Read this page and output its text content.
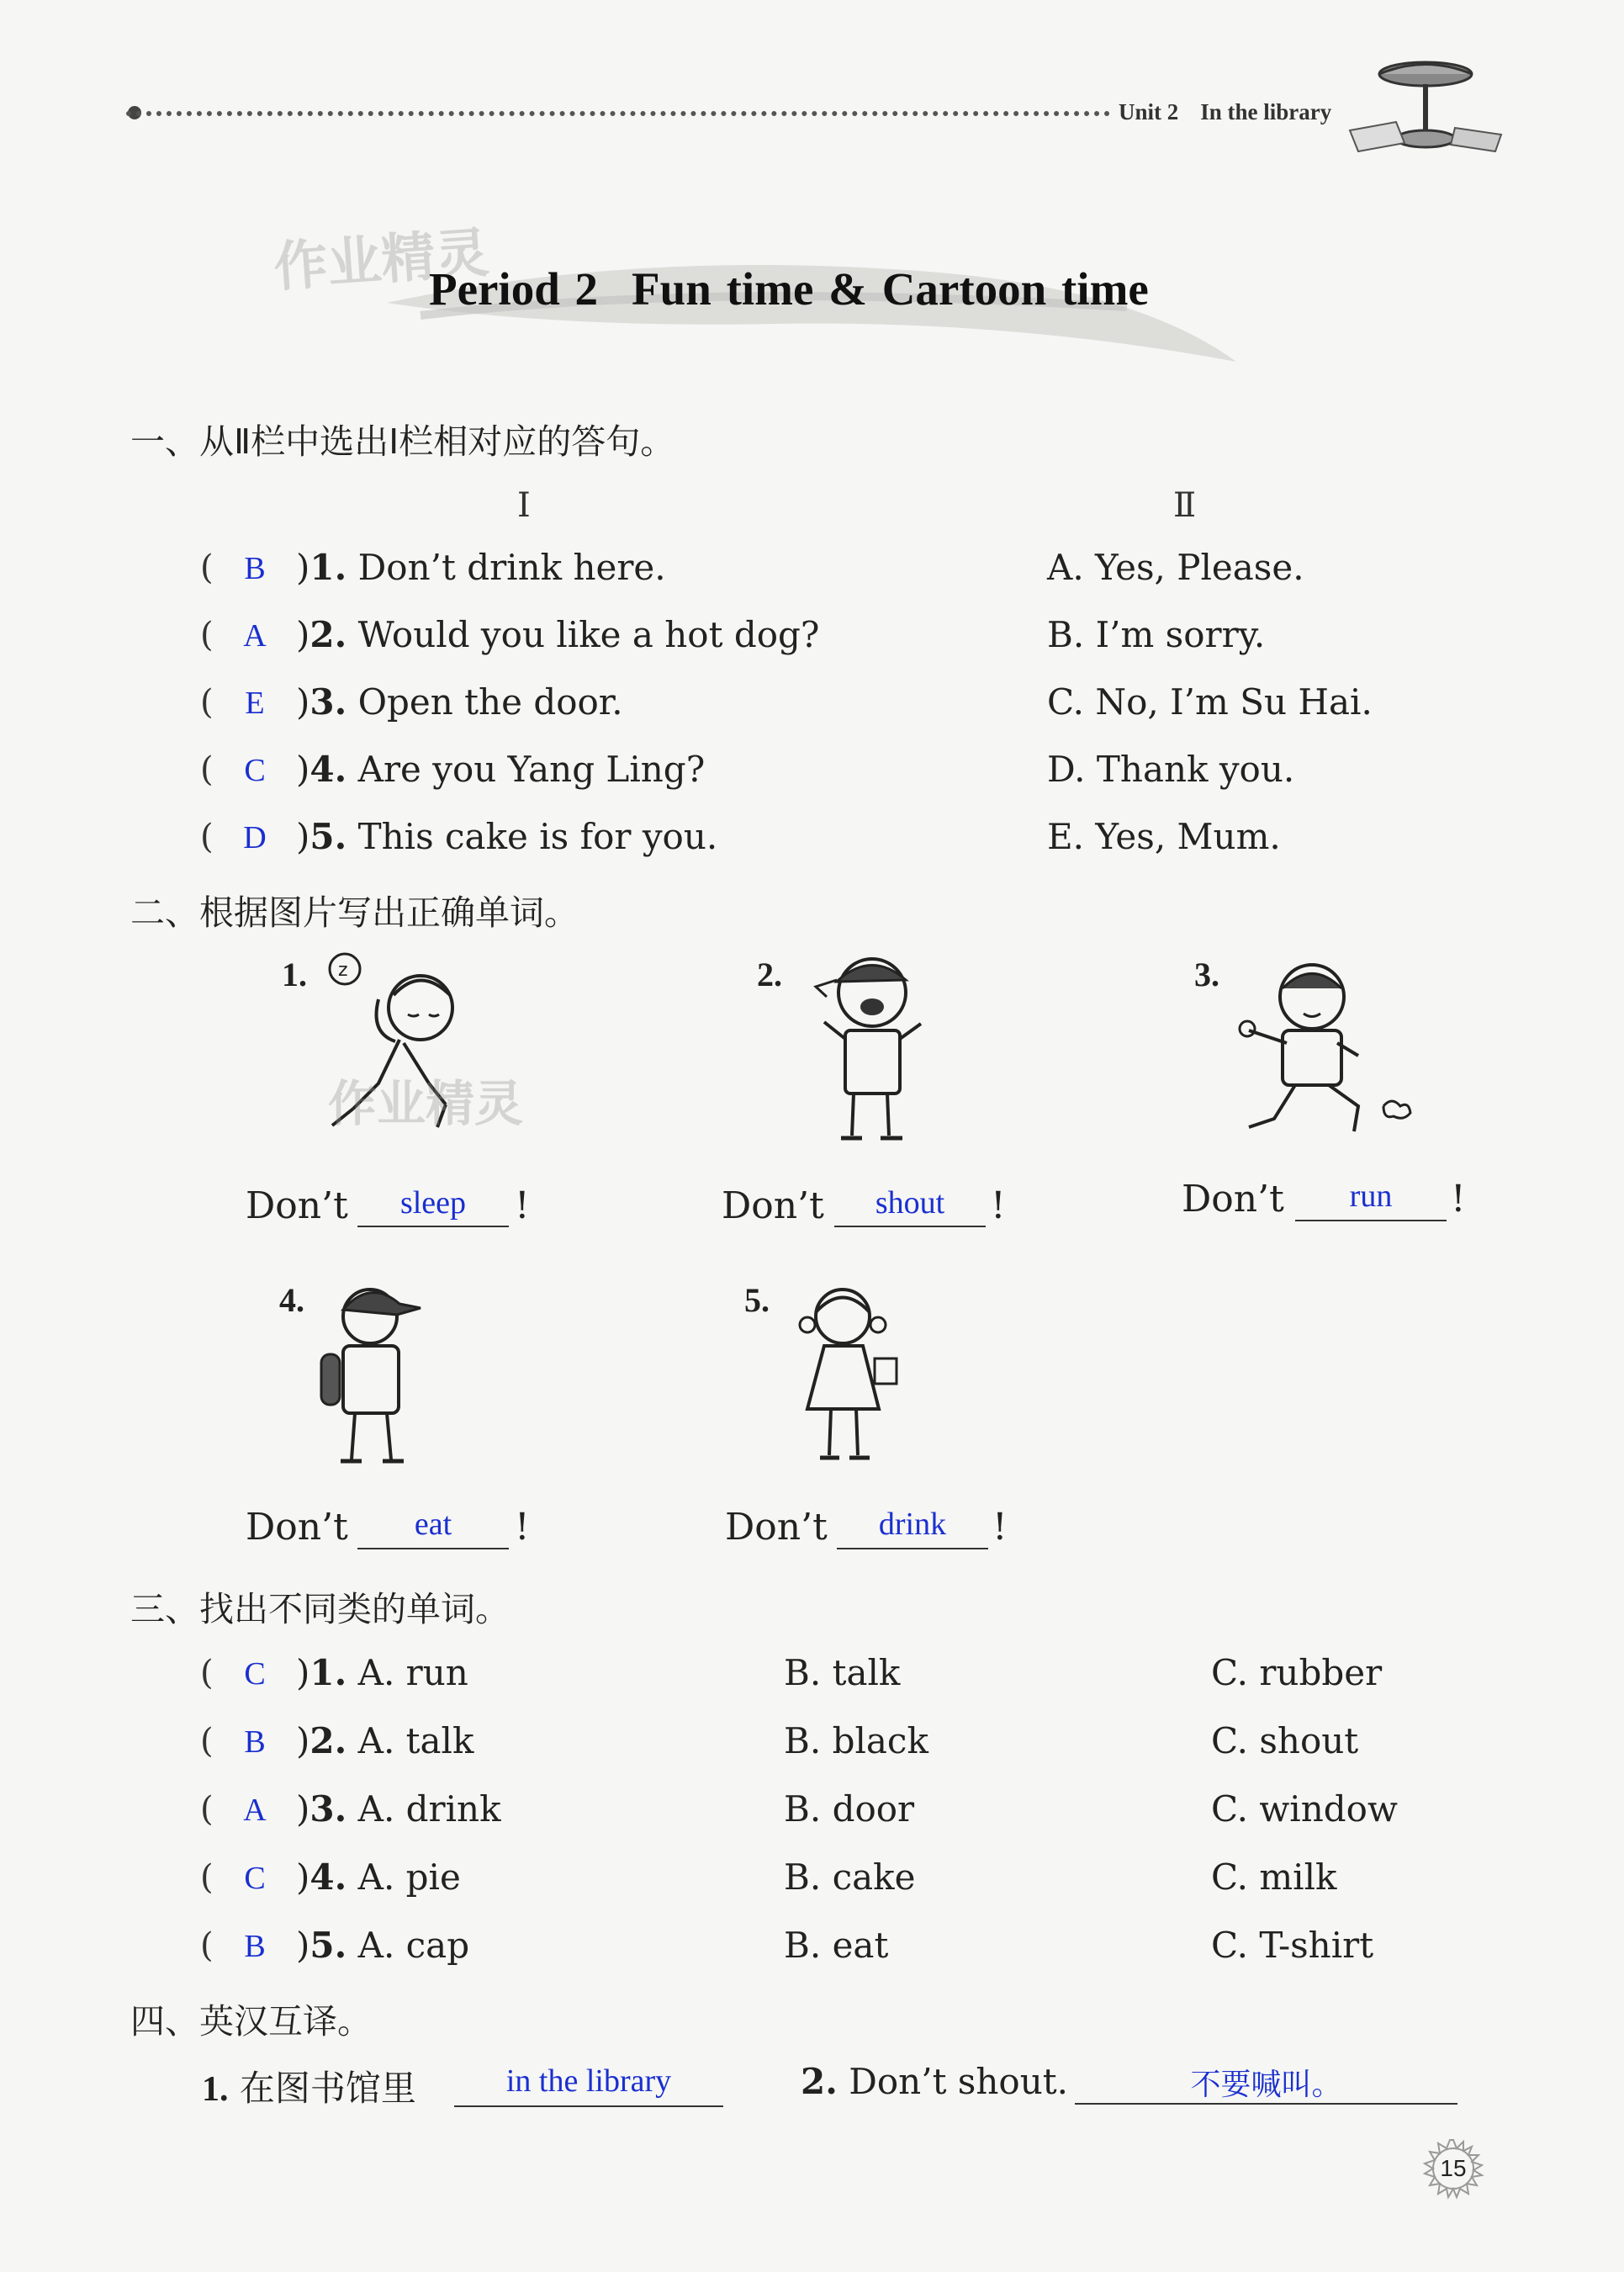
Unit 2 In the library
作业精灵
Period 2 Fun time & Cartoon time
一、从Ⅱ栏中选出Ⅰ栏相对应的答句。
Ⅰ	Ⅱ
( B )1. Don’t drink here.	A. Yes, Please.
( A )2. Would you like a hot dog?	B. I’m sorry.
( E )3. Open the door.	C. No, I’m Su Hai.
( C )4. Are you Yang Ling?	D. Thank you.
( D )5. This cake is for you.	E. Yes, Mum.
二、根据图片写出正确单词。
1. z
作业精灵
Don’t	sleep	!
2.
Don’t	shout	!
3.
Don’t	run	!
4.
Don’t	eat	!
5.
Don’t	drink	!
三、找出不同类的单词。
( C )1. A. run	B. talk	C. rubber
( B )2. A. talk	B. black	C. shout
( A )3. A. drink	B. door	C. window
( C )4. A. pie	B. cake	C. milk
( B )5. A. cap	B. eat	C. T-shirt
四、英汉互译。
1. 在图书馆里	in the library	2. Don’t shout.	不要喊叫。
15
